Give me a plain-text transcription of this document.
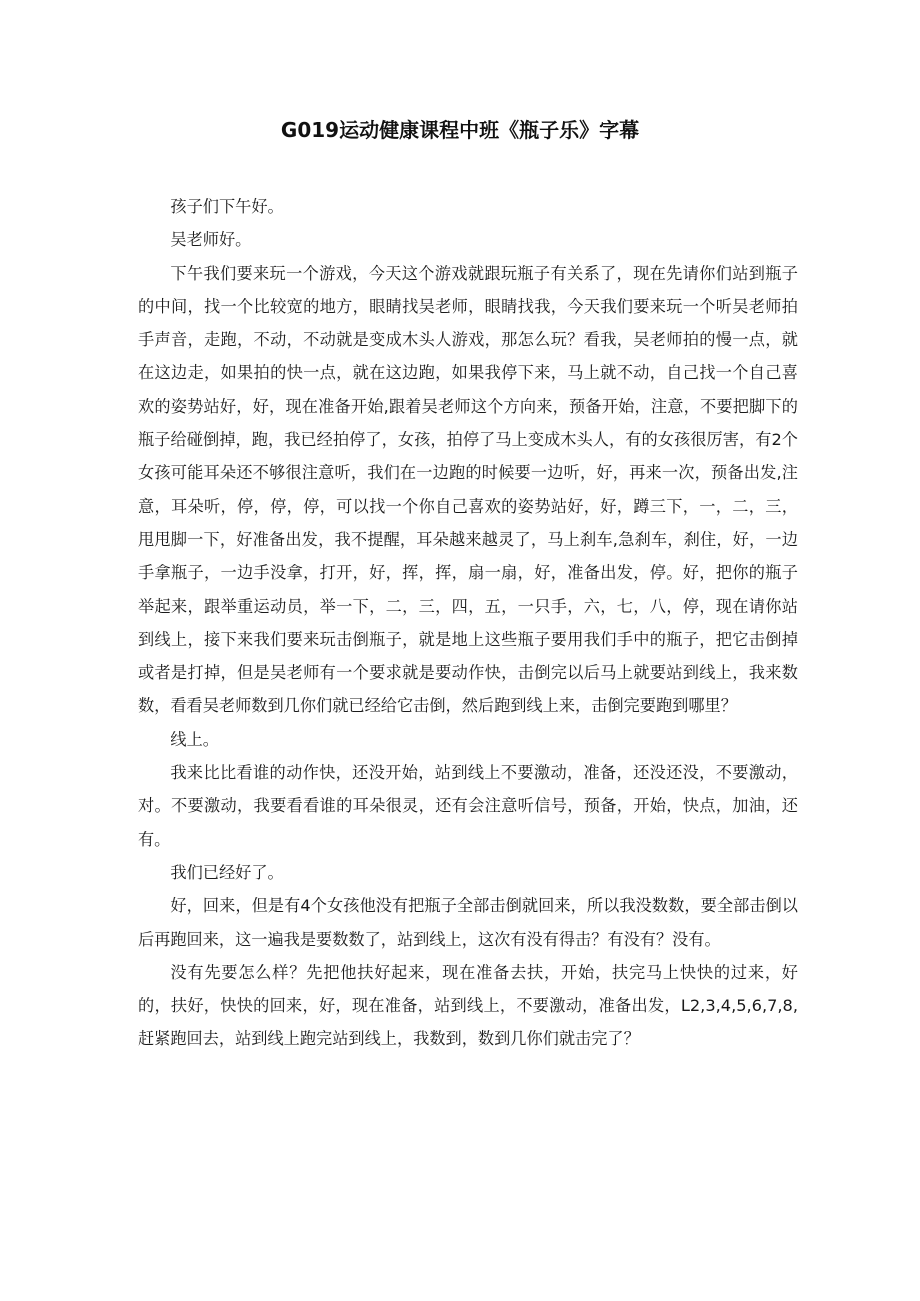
G019运动健康课程中班《瓶子乐》字幕

孩子们下午好。

吴老师好。

下午我们要来玩一个游戏，今天这个游戏就跟玩瓶子有关系了，现在先请你们站到瓶子的中间，找一个比较宽的地方，眼睛找吴老师，眼睛找我，今天我们要来玩一个听吴老师拍手声音，走跑，不动，不动就是变成木头人游戏，那怎么玩？看我，吴老师拍的慢一点，就在这边走，如果拍的快一点，就在这边跑，如果我停下来，马上就不动，自己找一个自己喜欢的姿势站好，好，现在准备开始,跟着吴老师这个方向来，预备开始，注意，不要把脚下的瓶子给碰倒掉，跑，我已经拍停了，女孩，拍停了马上变成木头人，有的女孩很厉害，有2个女孩可能耳朵还不够很注意听，我们在一边跑的时候要一边听，好，再来一次，预备出发,注意，耳朵听，停，停，停，可以找一个你自己喜欢的姿势站好，好，蹲三下，一，二，三，甩甩脚一下，好准备出发，我不提醒，耳朵越来越灵了，马上刹车,急刹车，刹住，好，一边手拿瓶子，一边手没拿，打开，好，挥，挥，扇一扇，好，准备出发，停。好，把你的瓶子举起来，跟举重运动员，举一下，二，三，四，五，一只手，六，七，八，停，现在请你站到线上，接下来我们要来玩击倒瓶子，就是地上这些瓶子要用我们手中的瓶子，把它击倒掉或者是打掉，但是吴老师有一个要求就是要动作快，击倒完以后马上就要站到线上，我来数数，看看吴老师数到几你们就已经给它击倒，然后跑到线上来，击倒完要跑到哪里？

线上。

我来比比看谁的动作快，还没开始，站到线上不要激动，准备，还没还没，不要激动，对。不要激动，我要看看谁的耳朵很灵，还有会注意听信号，预备，开始，快点，加油，还有。

我们已经好了。

好，回来，但是有4个女孩他没有把瓶子全部击倒就回来，所以我没数数，要全部击倒以后再跑回来，这一遍我是要数数了，站到线上，这次有没有得击？有没有？没有。

没有先要怎么样？先把他扶好起来，现在准备去扶，开始，扶完马上快快的过来，好的，扶好，快快的回来，好，现在准备，站到线上，不要激动，准备出发，L2,3,4,5,6,7,8,赶紧跑回去，站到线上跑完站到线上，我数到，数到几你们就击完了？
